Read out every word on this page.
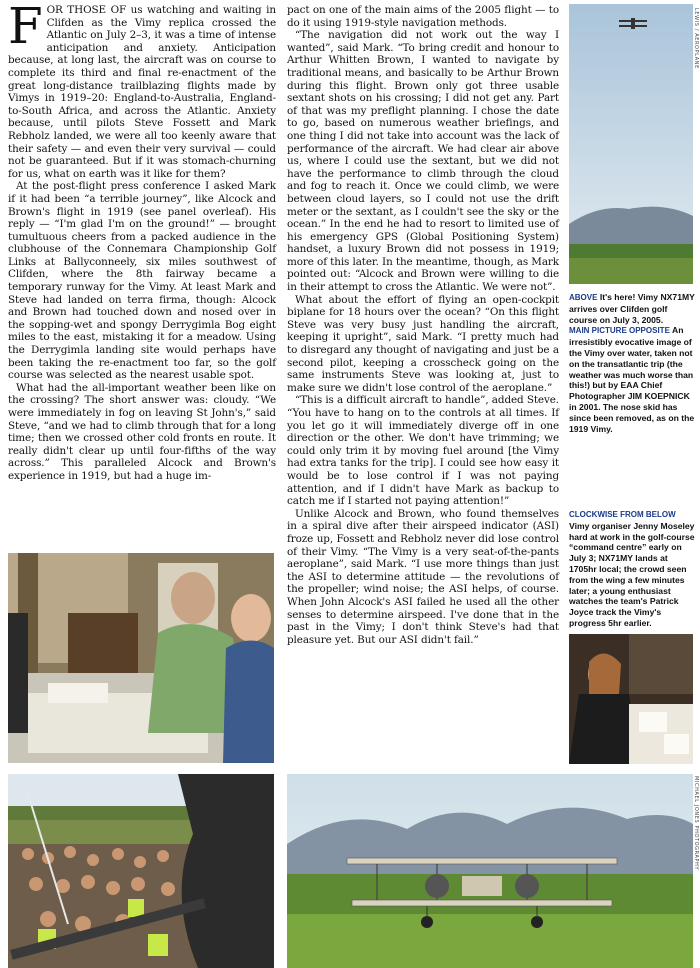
FOR THOSE OF us watching and waiting in Clifden as the Vimy replica crossed the Atlantic on July 2–3, it was a time of intense anticipation and anxiety. Anticipation because, at long last, the aircraft was on course to complete its third and final re-enactment of the great long-distance trailblazing flights made by Vimys in 1919–20: England-to-Australia, England-to-South Africa, and across the Atlantic. Anxiety because, until pilots Steve Fossett and Mark Rebholz landed, we were all too keenly aware that their safety — and even their very survival — could not be guaranteed. But if it was stomach-churning for us, what on earth was it like for them?

At the post-flight press conference I asked Mark if it had been “a terrible journey”, like Alcock and Brown's flight in 1919 (see panel overleaf). His reply — “I'm glad I'm on the ground!” — brought tumultuous cheers from a packed audience in the clubhouse of the Connemara Championship Golf Links at Ballyconneely, six miles southwest of Clifden, where the 8th fairway became a temporary runway for the Vimy. At least Mark and Steve had landed on terra firma, though: Alcock and Brown had touched down and nosed over in the sopping-wet and spongy Derrygimla Bog eight miles to the east, mistaking it for a meadow. Using the Derrygimla landing site would perhaps have been taking the re-enactment too far, so the golf course was selected as the nearest usable spot.

What had the all-important weather been like on the crossing? The short answer was: cloudy. “We were immediately in fog on leaving St John's,” said Steve, “and we had to climb through that for a long time; then we crossed other cold fronts en route. It really didn't clear up until four-fifths of the way across.” This paralleled Alcock and Brown's experience in 1919, but had a huge im-

pact on one of the main aims of the 2005 flight — to do it using 1919-style navigation methods.

“The navigation did not work out the way I wanted”, said Mark. “To bring credit and honour to Arthur Whitten Brown, I wanted to navigate by traditional means, and basically to be Arthur Brown during this flight. Brown only got three usable sextant shots on his crossing; I did not get any. Part of that was my preflight planning. I chose the date to go, based on numerous weather briefings, and one thing I did not take into account was the lack of performance of the aircraft. We had clear air above us, where I could use the sextant, but we did not have the performance to climb through the cloud and fog to reach it. Once we could climb, we were between cloud layers, so I could not use the drift meter or the sextant, as I couldn't see the sky or the ocean.” In the end he had to resort to limited use of his emergency GPS (Global Positioning System) handset, a luxury Brown did not possess in 1919; more of this later. In the meantime, though, as Mark pointed out: “Alcock and Brown were willing to die in their attempt to cross the Atlantic. We were not”.

What about the effort of flying an open-cockpit biplane for 18 hours over the ocean? “On this flight Steve was very busy just handling the aircraft, keeping it upright”, said Mark. “I pretty much had to disregard any thought of navigating and just be a second pilot, keeping a crosscheck going on the same instruments Steve was looking at, just to make sure we didn't lose control of the aeroplane.”

“This is a difficult aircraft to handle”, added Steve. “You have to hang on to the controls at all times. If you let go it will immediately diverge off in one direction or the other. We don't have trimming; we could only trim it by moving fuel around [the Vimy had extra tanks for the trip]. I could see how easy it would be to lose control if I was not paying attention, and if I didn't have Mark as backup to catch me if I started not paying attention!”

Unlike Alcock and Brown, who found themselves in a spiral dive after their airspeed indicator (ASI) froze up, Fossett and Rebholz never did lose control of their Vimy. “The Vimy is a very seat-of-the-pants aeroplane”, said Mark. “I use more things than just the ASI to determine attitude — the revolutions of the propeller; wind noise; the ASI helps, of course. When John Alcock's ASI failed he used all the other senses to determine airspeed. I've done that in the past in the Vimy; I don't think Steve's had that pleasure yet. But our ASI didn't fail.”

LEWIS / AEROPLANE
ABOVE It's here! Vimy NX71MY arrives over Clifden golf course on July 3, 2005.
MAIN PICTURE OPPOSITE An irresistibly evocative image of the Vimy over water, taken not on the transatlantic trip (the weather was much worse than this!) but by EAA Chief Photographer JIM KOEPNICK in 2001. The nose skid has since been removed, as on the 1919 Vimy.
CLOCKWISE FROM BELOW Vimy organiser Jenny Moseley hard at work in the golf-course “command centre” early on July 3; NX71MY lands at 1705hr local; the crowd seen from the wing a few minutes later; a young enthusiast watches the team's Patrick Joyce track the Vimy's progress 5hr earlier.
MICHAEL JONES PHOTOGRAPHY
